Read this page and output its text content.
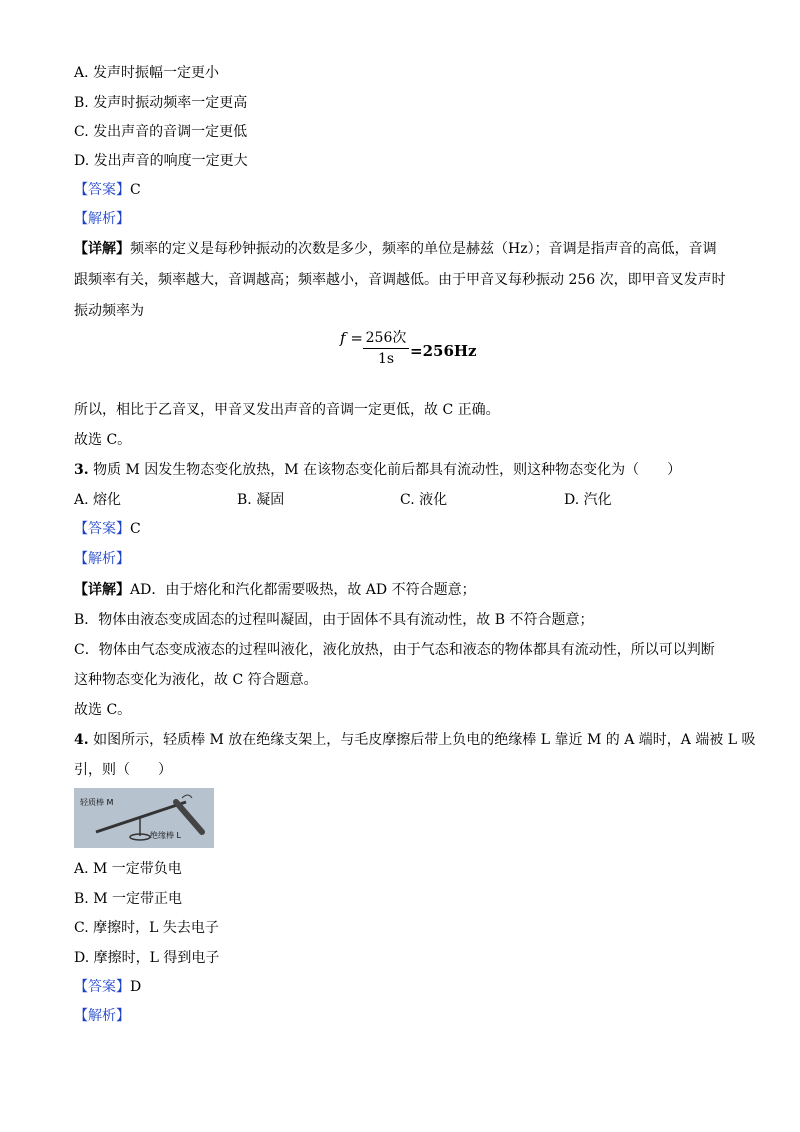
A. 发声时振幅一定更小
B. 发声时振动频率一定更高
C. 发出声音的音调一定更低
D. 发出声音的响度一定更大
【答案】C
【解析】
【详解】频率的定义是每秒钟振动的次数是多少，频率的单位是赫兹（Hz）；音调是指声音的高低，音调
跟频率有关，频率越大，音调越高；频率越小，音调越低。由于甲音叉每秒振动 256 次，即甲音叉发声时
振动频率为
f = 256次
1s	=256Hz
所以，相比于乙音叉，甲音叉发出声音的音调一定更低，故 C 正确。
故选 C。
3. 物质 M 因发生物态变化放热，M 在该物态变化前后都具有流动性，则这种物态变化为（　　）
A. 熔化	B. 凝固	C. 液化	D. 汽化
【答案】C
【解析】
【详解】AD．由于熔化和汽化都需要吸热，故 AD 不符合题意；
B．物体由液态变成固态的过程叫凝固，由于固体不具有流动性，故 B 不符合题意；
C．物体由气态变成液态的过程叫液化，液化放热，由于气态和液态的物体都具有流动性，所以可以判断
这种物态变化为液化，故 C 符合题意。
故选 C。
4. 如图所示，轻质棒 M 放在绝缘支架上，与毛皮摩擦后带上负电的绝缘棒 L 靠近 M 的 A 端时，A 端被 L 吸
引，则（　　）
轻质棒 M
绝缘棒 L
A. M 一定带负电
B. M 一定带正电
C. 摩擦时，L 失去电子
D. 摩擦时，L 得到电子
【答案】D
【解析】
